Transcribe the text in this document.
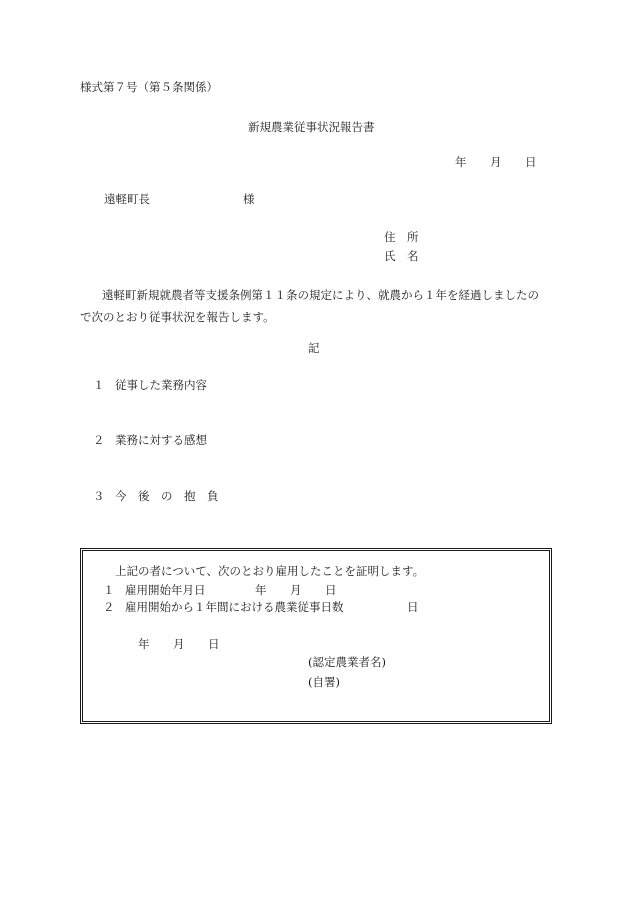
様式第７号（第５条関係）
新規農業従事状況報告書
年 月 日
遠軽町長	様
住　所
氏　名
遠軽町新規就農者等支援条例第１１条の規定により、就農から１年を経過しましたので次のとおり従事状況を報告します。
記
１ 従事した業務内容
２ 業務に対する感想
３ 今　後　の　抱　負
上記の者について、次のとおり雇用したことを証明します。
１ 雇用開始年月日	年 月 日
２ 雇用開始から１年間における農業従事日数	日
年 月 日
(認定農業者名)
(自署)
